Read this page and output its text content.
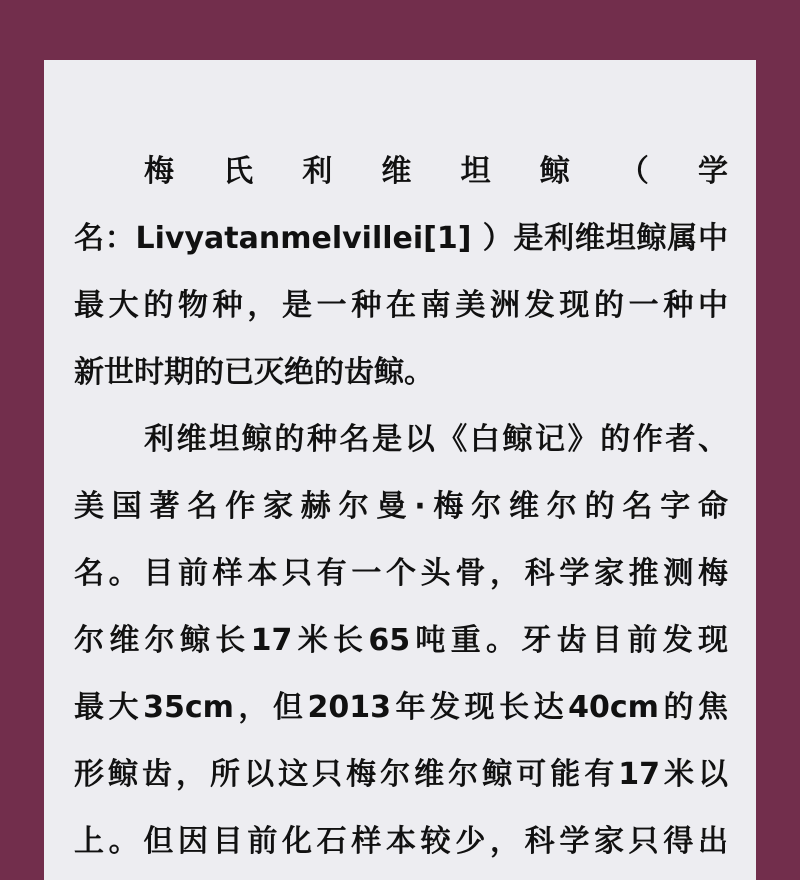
梅 氏 利 维 坦 鲸 （ 学
名：Livyatanmelvillei[1] ）是利维坦鲸属中
最大的物种，是一种在南美洲发现的一种中
新世时期的已灭绝的齿鲸。
利维坦鲸的种名是以《白鲸记》的作者、
美国著名作家赫尔曼·梅尔维尔的名字命
名。目前样本只有一个头骨，科学家推测梅
尔维尔鲸长17米长65吨重。牙齿目前发现
最大35cm，但2013年发现长达40cm的焦
形鲸齿，所以这只梅尔维尔鲸可能有17米以
上。但因目前化石样本较少，科学家只得出
